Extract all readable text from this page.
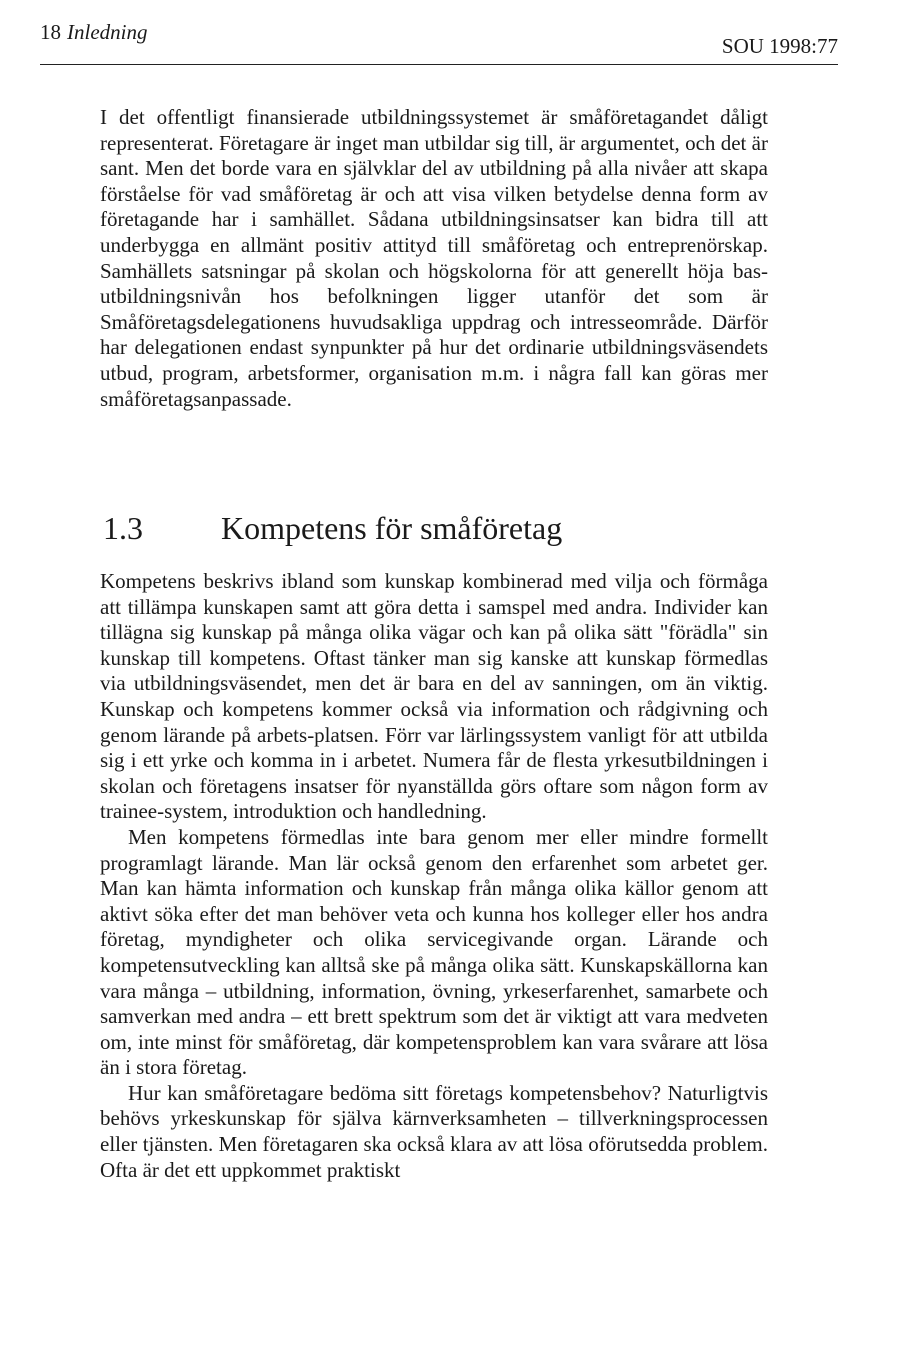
18 Inledning
SOU 1998:77

I det offentligt finansierade utbildningssystemet är småföretagandet dåligt representerat. Företagare är inget man utbildar sig till, är argumentet, och det är sant. Men det borde vara en självklar del av utbildning på alla nivåer att skapa förståelse för vad småföretag är och att visa vilken betydelse denna form av företagande har i samhället. Sådana utbildningsinsatser kan bidra till att underbygga en allmänt positiv attityd till småföretag och entreprenörskap. Samhällets satsningar på skolan och högskolorna för att generellt höja bas-utbildningsnivån hos befolkningen ligger utanför det som är Småföretagsdelegationens huvudsakliga uppdrag och intresseområde. Därför har delegationen endast synpunkter på hur det ordinarie utbildningsväsendets utbud, program, arbetsformer, organisation m.m. i några fall kan göras mer småföretagsanpassade.

1.3 Kompetens för småföretag

Kompetens beskrivs ibland som kunskap kombinerad med vilja och förmåga att tillämpa kunskapen samt att göra detta i samspel med andra. Individer kan tillägna sig kunskap på många olika vägar och kan på olika sätt "förädla" sin kunskap till kompetens. Oftast tänker man sig kanske att kunskap förmedlas via utbildningsväsendet, men det är bara en del av sanningen, om än viktig. Kunskap och kompetens kommer också via information och rådgivning och genom lärande på arbets-platsen. Förr var lärlingssystem vanligt för att utbilda sig i ett yrke och komma in i arbetet. Numera får de flesta yrkesutbildningen i skolan och företagens insatser för nyanställda görs oftare som någon form av trainee-system, introduktion och handledning.

Men kompetens förmedlas inte bara genom mer eller mindre formellt programlagt lärande. Man lär också genom den erfarenhet som arbetet ger. Man kan hämta information och kunskap från många olika källor genom att aktivt söka efter det man behöver veta och kunna hos kolleger eller hos andra företag, myndigheter och olika servicegivande organ. Lärande och kompetensutveckling kan alltså ske på många olika sätt. Kunskapskällorna kan vara många – utbildning, information, övning, yrkeserfarenhet, samarbete och samverkan med andra – ett brett spektrum som det är viktigt att vara medveten om, inte minst för småföretag, där kompetensproblem kan vara svårare att lösa än i stora företag.

Hur kan småföretagare bedöma sitt företags kompetensbehov? Naturligtvis behövs yrkeskunskap för själva kärnverksamheten – tillverkningsprocessen eller tjänsten. Men företagaren ska också klara av att lösa oförutsedda problem. Ofta är det ett uppkommet praktiskt
